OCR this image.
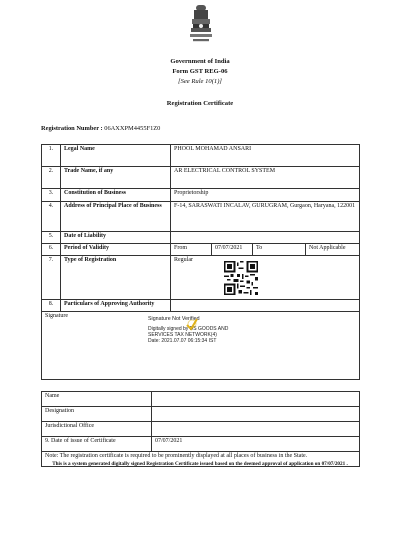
Government of India
Form GST REG-06
[See Rule 10(1)]
Registration Certificate
Registration Number : 06AXXPM4455F1Z0
1.	Legal Name	PHOOL MOHAMAD ANSARI			
2.	Trade Name, if any	AR ELECTRICAL CONTROL SYSTEM			
3.	Constitution of Business	Proprietorship			
4.	Address of Principal Place of Business	F-14, SARASWATI INCALAV, GURUGRAM, Gurgaon, Haryana, 122001			
5.	Date of Liability				
6.	Period of Validity	From	07/07/2021	To	Not Applicable
7.	Type of Registration	Regular			

8.	Particulars of Approving Authority				
Signature Signature Not Verified
Digitally signed by DS GOODS AND
SERVICES TAX NETWORK(4)
Date: 2021.07.07 06:15:34 IST					
Name	
Designation	
Jurisdictional Office	
9. Date of issue of Certificate	07/07/2021
Note: The registration certificate is required to be prominently displayed at all places of business in the State.	
This is a system generated digitally signed Registration Certificate issued based on the deemed approval of application on 07/07/2021 .
